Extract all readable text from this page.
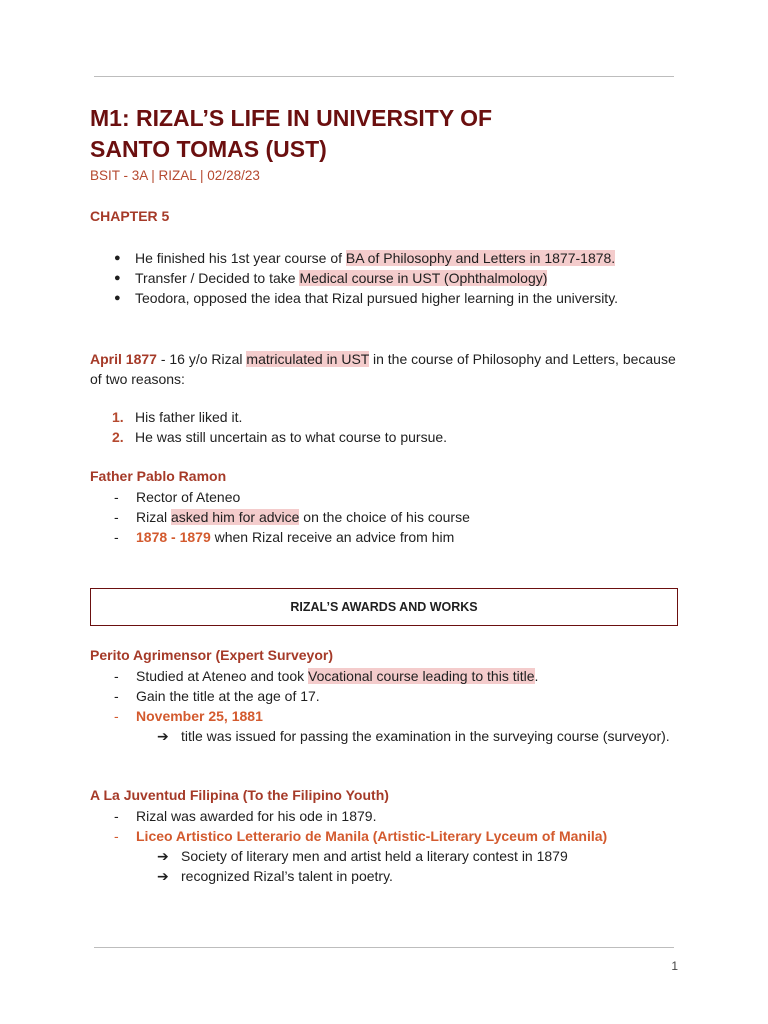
M1: RIZAL’S LIFE IN UNIVERSITY OF
SANTO TOMAS (UST)
BSIT - 3A | RIZAL | 02/28/23
CHAPTER 5
● He finished his 1st year course of BA of Philosophy and Letters in 1877-1878.
● Transfer / Decided to take Medical course in UST (Ophthalmology)
● Teodora, opposed the idea that Rizal pursued higher learning in the university.

April 1877 - 16 y/o Rizal matriculated in UST in the course of Philosophy and Letters, because of two reasons:

1. His father liked it.
2. He was still uncertain as to what course to pursue.
Father Pablo Ramon
- Rector of Ateneo
- Rizal asked him for advice on the choice of his course
- 1878 - 1879 when Rizal receive an advice from him
RIZAL’S AWARDS AND WORKS
Perito Agrimensor (Expert Surveyor)
- Studied at Ateneo and took Vocational course leading to this title.
- Gain the title at the age of 17.
- November 25, 1881
➔ title was issued for passing the examination in the surveying course (surveyor).
A La Juventud Filipina (To the Filipino Youth)
- Rizal was awarded for his ode in 1879.
- Liceo Artistico Letterario de Manila (Artistic-Literary Lyceum of Manila)
➔ Society of literary men and artist held a literary contest in 1879
➔ recognized Rizal’s talent in poetry.
1
